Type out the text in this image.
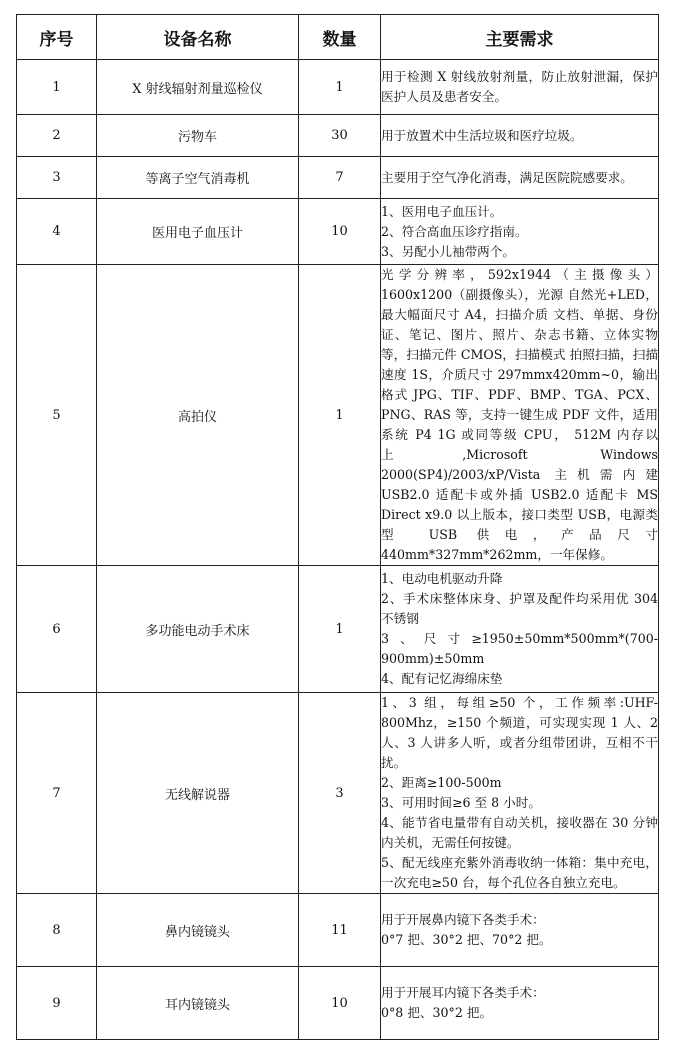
序号	设备名称	数量	主要需求
1	X 射线辐射剂量巡检仪	1	用于检测 X 射线放射剂量，防止放射泄漏，保护医护人员及患者安全。

2	污物车	30	用于放置术中生活垃圾和医疗垃圾。

3	等离子空气消毒机	7	主要用于空气净化消毒，满足医院院感要求。

4	医用电子血压计	10	1、医用电子血压计。
2、符合高血压诊疗指南。
3、另配小儿袖带两个。

5	高拍仪	1	光学分辨率，592x1944（主摄像头）1600x1200（副摄像头），光源 自然光+LED，最大幅面尺寸 A4，扫描介质 文档、单据、身份证、笔记、图片、照片、杂志书籍、立体实物等，扫描元件 CMOS，扫描模式 拍照扫描，扫描速度 1S，介质尺寸 297mmx420mm~0，输出格式 JPG、TIF、PDF、BMP、TGA、PCX、PNG、RAS 等，支持一键生成 PDF 文件，适用系统 P4 1G 或同等级 CPU， 512M 内存以上,Microsoft Windows 2000(SP4)/2003/xP/Vista 主机需内建 USB2.0 适配卡或外插 USB2.0 适配卡 MS Direct x9.0 以上版本，接口类型 USB，电源类型 USB 供电，产品尺寸 440mm*327mm*262mm，一年保修。

6	多功能电动手术床	1	1、电动电机驱动升降
2、手术床整体床身、护罩及配件均采用优 304 不锈钢
3、尺寸≥1950±50mm*500mm*(700-900mm)±50mm
4、配有记忆海绵床垫

7	无线解说器	3	1、3 组，每组≥50 个，工作频率:UHF-800Mhz，≥150 个频道，可实现实现 1 人、2 人、3 人讲多人听，或者分组带团讲，互相不干扰。
2、距离≥100-500m
3、可用时间≥6 至 8 小时。
4、能节省电量带有自动关机，接收器在 30 分钟内关机，无需任何按键。
5、配无线座充紫外消毒收纳一体箱：集中充电，一次充电≥50 台，每个孔位各自独立充电。

8	鼻内镜镜头	11	用于开展鼻内镜下各类手术：
0°7 把、30°2 把、70°2 把。

9	耳内镜镜头	10	用于开展耳内镜下各类手术：
0°8 把、30°2 把。
